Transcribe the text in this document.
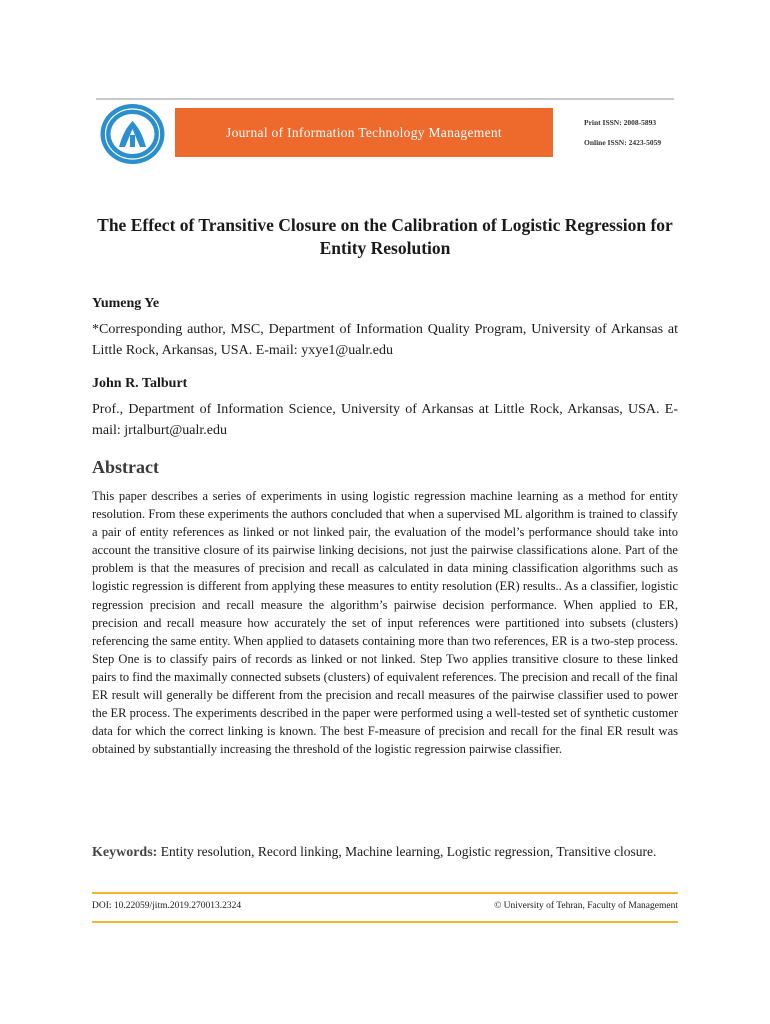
Journal of Information Technology Management
Print ISSN: 2008-5893
Online ISSN: 2423-5059
The Effect of Transitive Closure on the Calibration of Logistic Regression for Entity Resolution
Yumeng Ye
*Corresponding author, MSC, Department of Information Quality Program, University of Arkansas at Little Rock, Arkansas, USA. E-mail: yxye1@ualr.edu
John R. Talburt
Prof., Department of Information Science, University of Arkansas at Little Rock, Arkansas, USA. E-mail: jrtalburt@ualr.edu
Abstract

This paper describes a series of experiments in using logistic regression machine learning as a method for entity resolution. From these experiments the authors concluded that when a supervised ML algorithm is trained to classify a pair of entity references as linked or not linked pair, the evaluation of the model’s performance should take into account the transitive closure of its pairwise linking decisions, not just the pairwise classifications alone. Part of the problem is that the measures of precision and recall as calculated in data mining classification algorithms such as logistic regression is different from applying these measures to entity resolution (ER) results.. As a classifier, logistic regression precision and recall measure the algorithm’s pairwise decision performance. When applied to ER, precision and recall measure how accurately the set of input references were partitioned into subsets (clusters) referencing the same entity. When applied to datasets containing more than two references, ER is a two-step process. Step One is to classify pairs of records as linked or not linked. Step Two applies transitive closure to these linked pairs to find the maximally connected subsets (clusters) of equivalent references. The precision and recall of the final ER result will generally be different from the precision and recall measures of the pairwise classifier used to power the ER process. The experiments described in the paper were performed using a well-tested set of synthetic customer data for which the correct linking is known. The best F-measure of precision and recall for the final ER result was obtained by substantially increasing the threshold of the logistic regression pairwise classifier.

Keywords: Entity resolution, Record linking, Machine learning, Logistic regression, Transitive closure.
DOI: 10.22059/jitm.2019.270013.2324	© University of Tehran, Faculty of Management
